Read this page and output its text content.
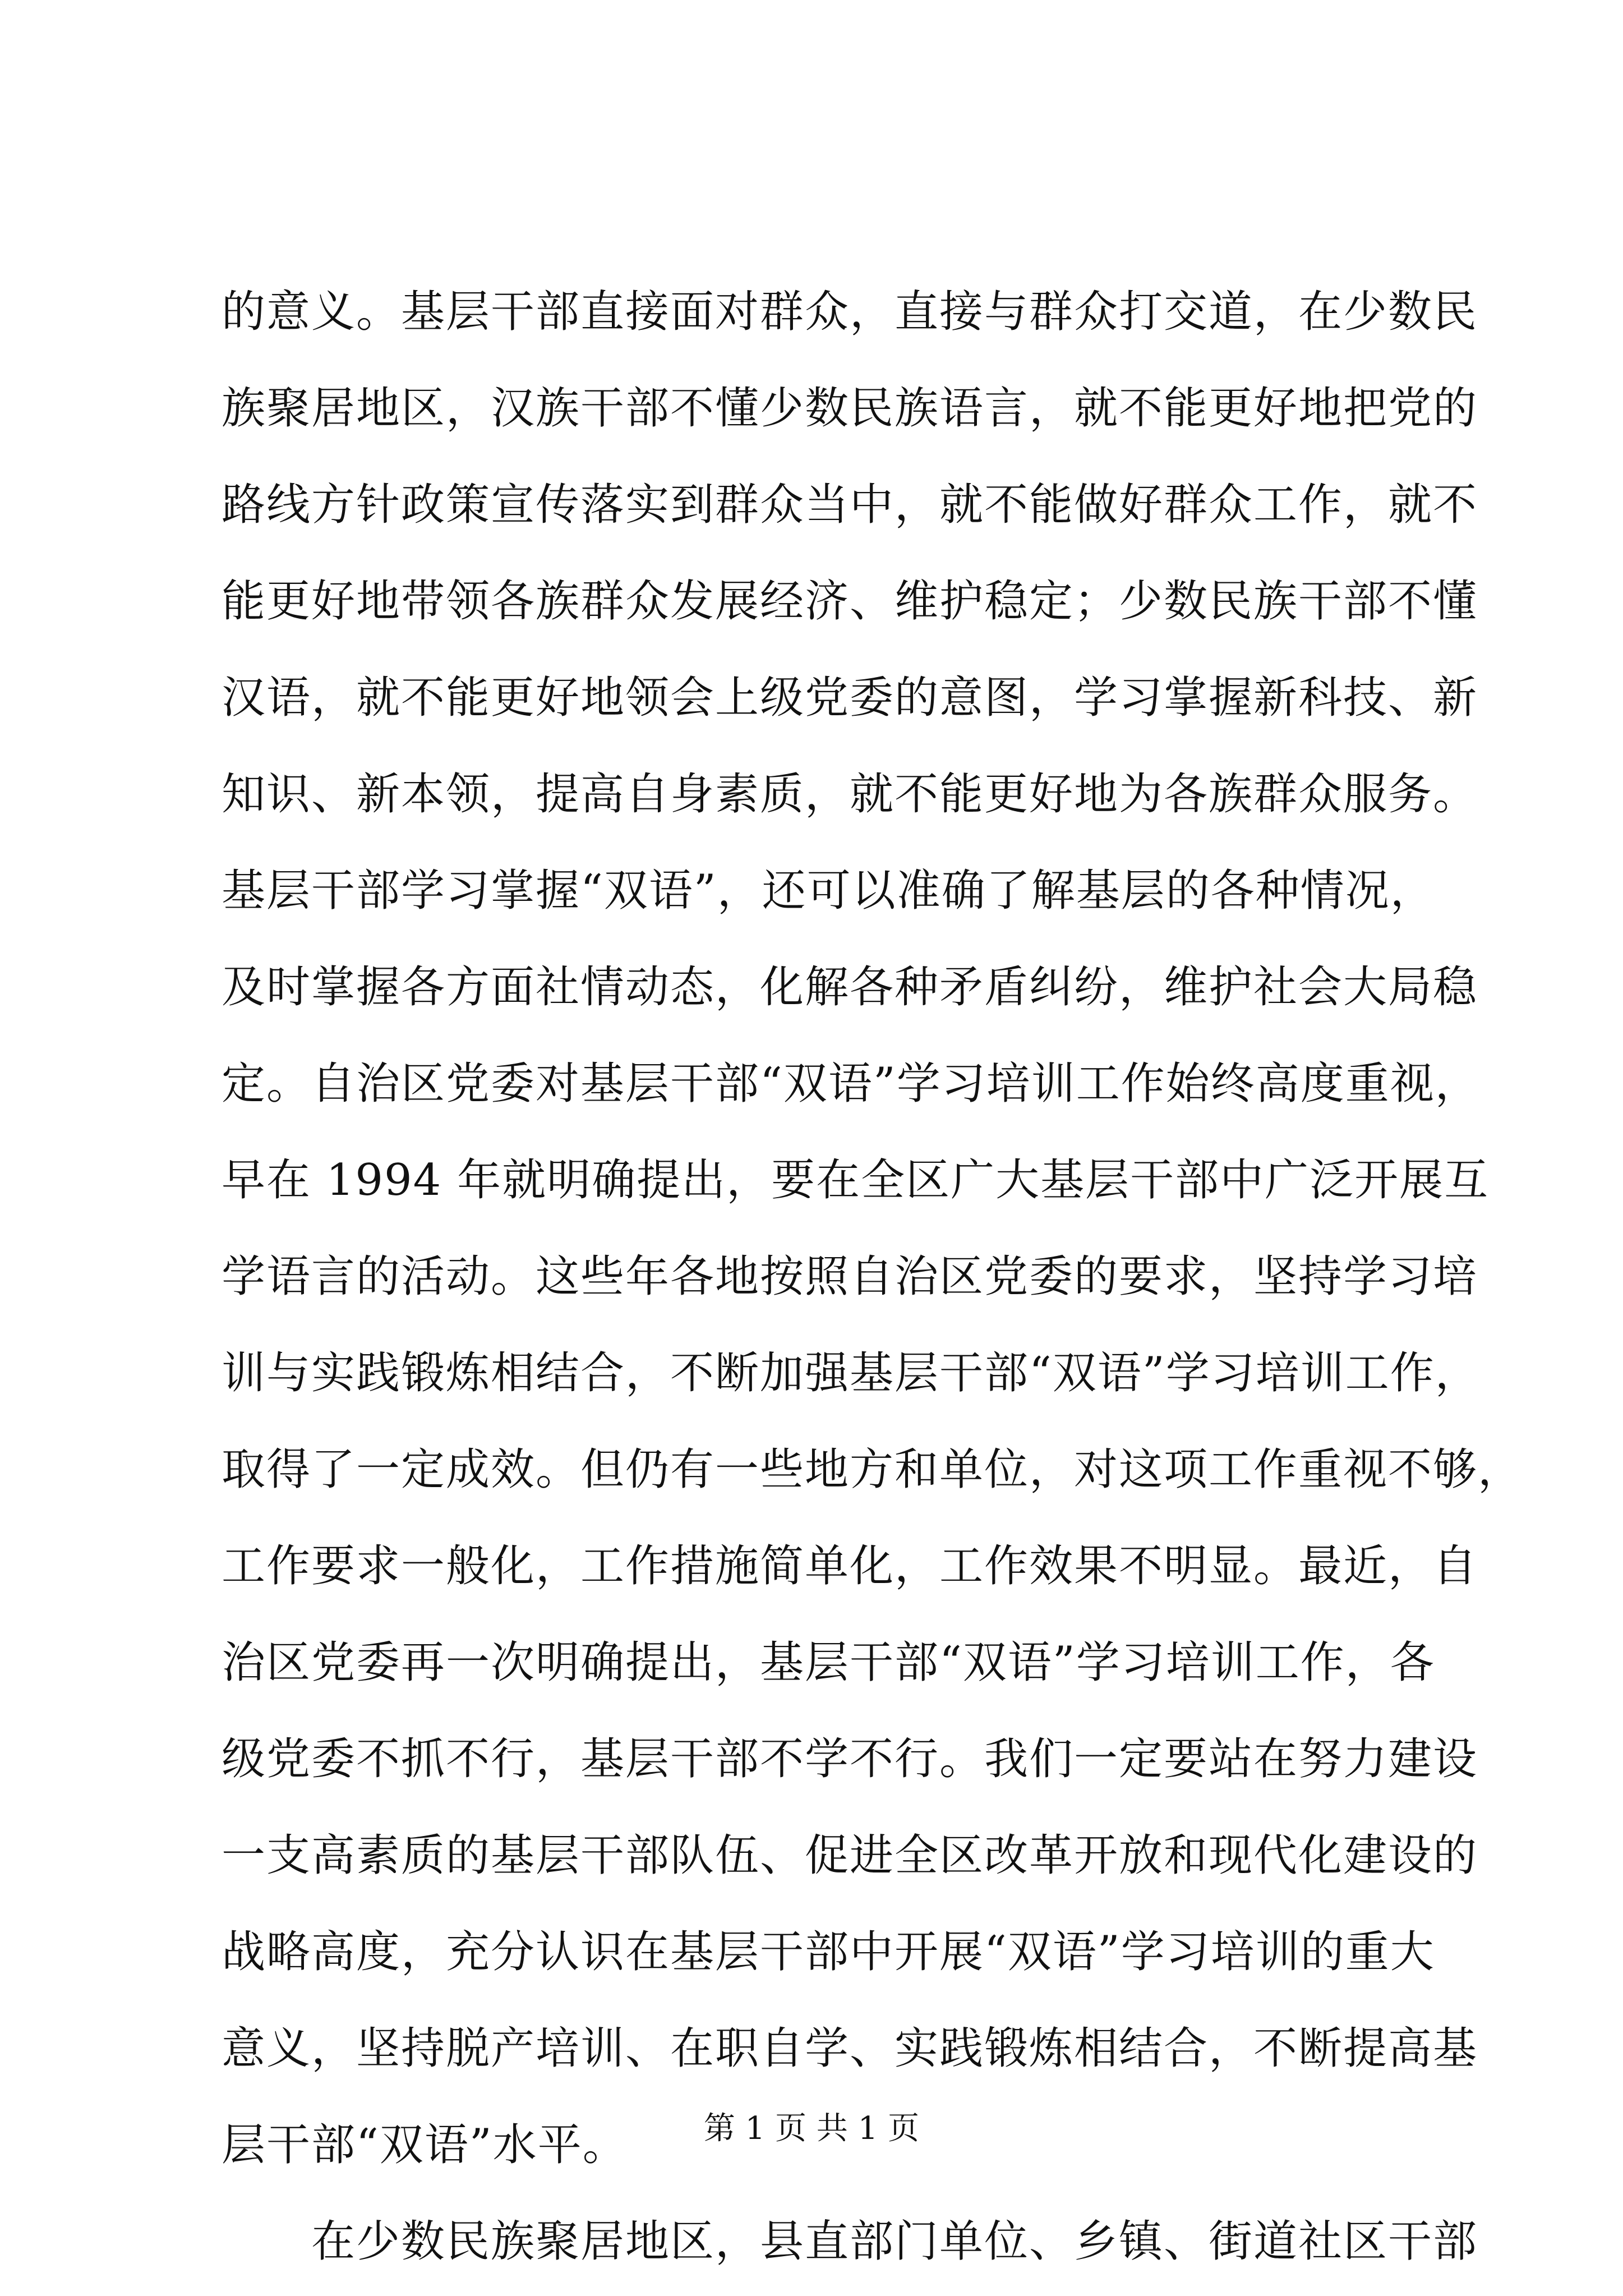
的意义。基层干部直接面对群众，直接与群众打交道，在少数民
族聚居地区，汉族干部不懂少数民族语言，就不能更好地把党的
路线方针政策宣传落实到群众当中，就不能做好群众工作，就不
能更好地带领各族群众发展经济、维护稳定；少数民族干部不懂
汉语，就不能更好地领会上级党委的意图，学习掌握新科技、新
知识、新本领，提高自身素质，就不能更好地为各族群众服务。
基层干部学习掌握“双语”，还可以准确了解基层的各种情况，
及时掌握各方面社情动态，化解各种矛盾纠纷，维护社会大局稳
定。自治区党委对基层干部“双语”学习培训工作始终高度重视，
早在 1994 年就明确提出，要在全区广大基层干部中广泛开展互
学语言的活动。这些年各地按照自治区党委的要求，坚持学习培
训与实践锻炼相结合，不断加强基层干部“双语”学习培训工作，
取得了一定成效。但仍有一些地方和单位，对这项工作重视不够，
工作要求一般化，工作措施简单化，工作效果不明显。最近，自
治区党委再一次明确提出，基层干部“双语”学习培训工作，各
级党委不抓不行，基层干部不学不行。我们一定要站在努力建设
一支高素质的基层干部队伍、促进全区改革开放和现代化建设的
战略高度，充分认识在基层干部中开展“双语”学习培训的重大
意义，坚持脱产培训、在职自学、实践锻炼相结合，不断提高基
层干部“双语”水平。
在少数民族聚居地区，县直部门单位、乡镇、街道社区干部
第 1 页 共 1 页
